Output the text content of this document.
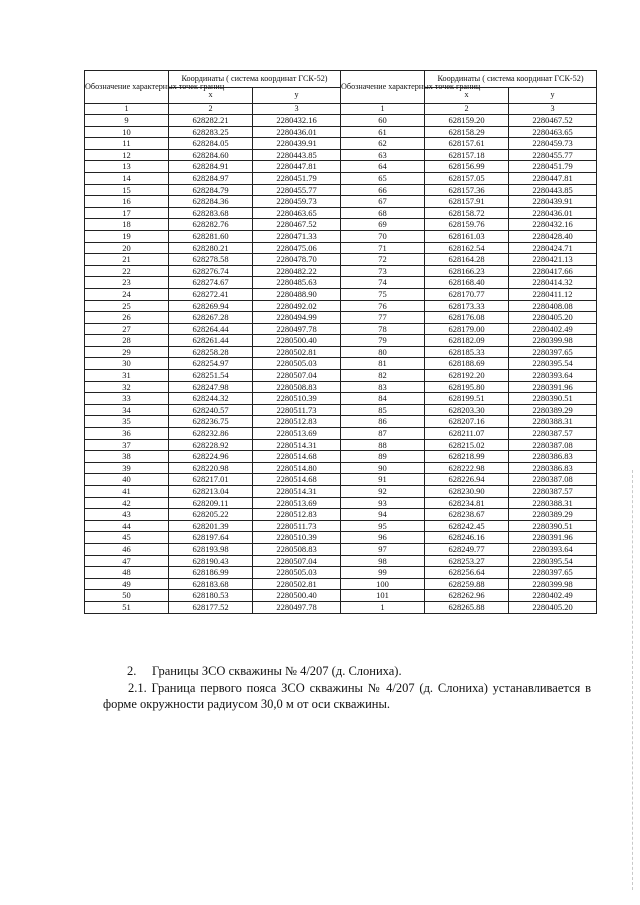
Обозначение характерных точек границ	Координаты ( система координат ГСК-52)		Обозначение характерных точек границ	Координаты ( система координат ГСК-52)	
	x	y		x	y
1	2	3	1	2	3
9	628282.21	2280432.16	60	628159.20	2280467.52
10	628283.25	2280436.01	61	628158.29	2280463.65
11	628284.05	2280439.91	62	628157.61	2280459.73
12	628284.60	2280443.85	63	628157.18	2280455.77
13	628284.91	2280447.81	64	628156.99	2280451.79
14	628284.97	2280451.79	65	628157.05	2280447.81
15	628284.79	2280455.77	66	628157.36	2280443.85
16	628284.36	2280459.73	67	628157.91	2280439.91
17	628283.68	2280463.65	68	628158.72	2280436.01
18	628282.76	2280467.52	69	628159.76	2280432.16
19	628281.60	2280471.33	70	628161.03	2280428.40
20	628280.21	2280475.06	71	628162.54	2280424.71
21	628278.58	2280478.70	72	628164.28	2280421.13
22	628276.74	2280482.22	73	628166.23	2280417.66
23	628274.67	2280485.63	74	628168.40	2280414.32
24	628272.41	2280488.90	75	628170.77	2280411.12
25	628269.94	2280492.02	76	628173.33	2280408.08
26	628267.28	2280494.99	77	628176.08	2280405.20
27	628264.44	2280497.78	78	628179.00	2280402.49
28	628261.44	2280500.40	79	628182.09	2280399.98
29	628258.28	2280502.81	80	628185.33	2280397.65
30	628254.97	2280505.03	81	628188.69	2280395.54
31	628251.54	2280507.04	82	628192.20	2280393.64
32	628247.98	2280508.83	83	628195.80	2280391.96
33	628244.32	2280510.39	84	628199.51	2280390.51
34	628240.57	2280511.73	85	628203.30	2280389.29
35	628236.75	2280512.83	86	628207.16	2280388.31
36	628232.86	2280513.69	87	628211.07	2280387.57
37	628228.92	2280514.31	88	628215.02	2280387.08
38	628224.96	2280514.68	89	628218.99	2280386.83
39	628220.98	2280514.80	90	628222.98	2280386.83
40	628217.01	2280514.68	91	628226.94	2280387.08
41	628213.04	2280514.31	92	628230.90	2280387.57
42	628209.11	2280513.69	93	628234.81	2280388.31
43	628205.22	2280512.83	94	628238.67	2280389.29
44	628201.39	2280511.73	95	628242.45	2280390.51
45	628197.64	2280510.39	96	628246.16	2280391.96
46	628193.98	2280508.83	97	628249.77	2280393.64
47	628190.43	2280507.04	98	628253.27	2280395.54
48	628186.99	2280505.03	99	628256.64	2280397.65
49	628183.68	2280502.81	100	628259.88	2280399.98
50	628180.53	2280500.40	101	628262.96	2280402.49
51	628177.52	2280497.78	1	628265.88	2280405.20
2.  Границы ЗСО скважины № 4/207 (д. Слониха).
2.1. Граница первого пояса ЗСО скважины № 4/207 (д. Слониха) устанавливается в форме окружности радиусом 30,0 м от оси скважины.
